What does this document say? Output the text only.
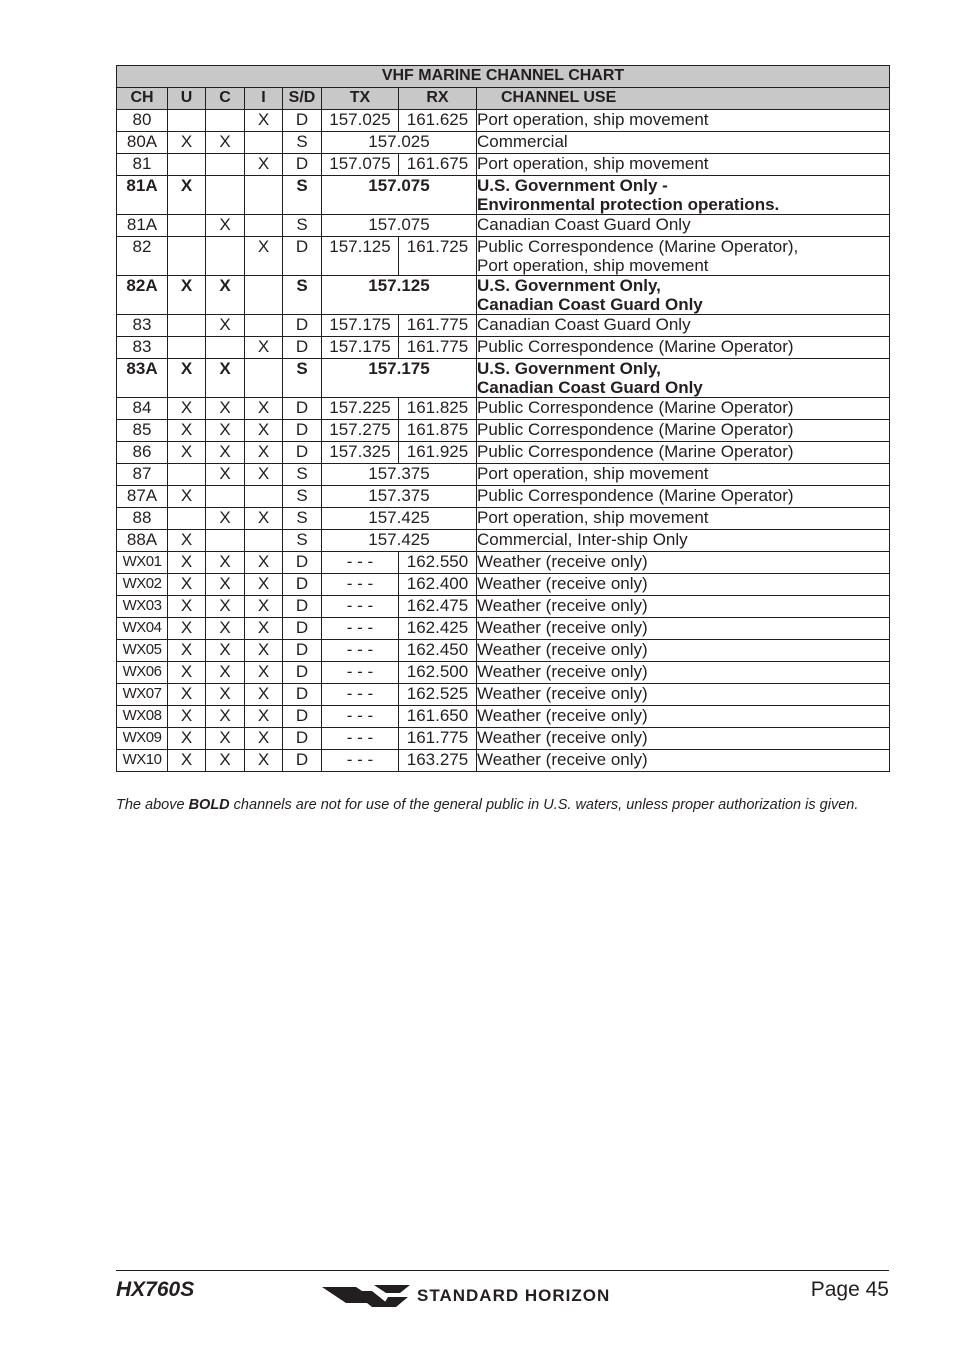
VHF MARINE CHANNEL CHART							
CH	U	C	I	S/D	TX	RX	CHANNEL USE
80			X	D	157.025	161.625	Port operation, ship movement

80A	X	X		S	157.025		Commercial

81			X	D	157.075	161.675	Port operation, ship movement

81A	X			S	157.075		U.S. Government Only -
Environmental protection operations.

81A		X		S	157.075		Canadian Coast Guard Only

82			X	D	157.125	161.725	Public Correspondence (Marine Operator),
Port operation, ship movement

82A	X	X		S	157.125		U.S. Government Only,
Canadian Coast Guard Only

83		X		D	157.175	161.775	Canadian Coast Guard Only

83			X	D	157.175	161.775	Public Correspondence (Marine Operator)

83A	X	X		S	157.175		U.S. Government Only,
Canadian Coast Guard Only

84	X	X	X	D	157.225	161.825	Public Correspondence (Marine Operator)

85	X	X	X	D	157.275	161.875	Public Correspondence (Marine Operator)

86	X	X	X	D	157.325	161.925	Public Correspondence (Marine Operator)

87		X	X	S	157.375		Port operation, ship movement

87A	X			S	157.375		Public Correspondence (Marine Operator)

88		X	X	S	157.425		Port operation, ship movement

88A	X			S	157.425		Commercial, Inter-ship Only

WX01	X	X	X	D	- - -	162.550	Weather (receive only)

WX02	X	X	X	D	- - -	162.400	Weather (receive only)

WX03	X	X	X	D	- - -	162.475	Weather (receive only)

WX04	X	X	X	D	- - -	162.425	Weather (receive only)

WX05	X	X	X	D	- - -	162.450	Weather (receive only)

WX06	X	X	X	D	- - -	162.500	Weather (receive only)

WX07	X	X	X	D	- - -	162.525	Weather (receive only)

WX08	X	X	X	D	- - -	161.650	Weather (receive only)

WX09	X	X	X	D	- - -	161.775	Weather (receive only)

WX10	X	X	X	D	- - -	163.275	Weather (receive only)
The above BOLD channels are not for use of the general public in U.S. waters, unless proper authorization is given.
HX760S	STANDARD HORIZON	Page 45
